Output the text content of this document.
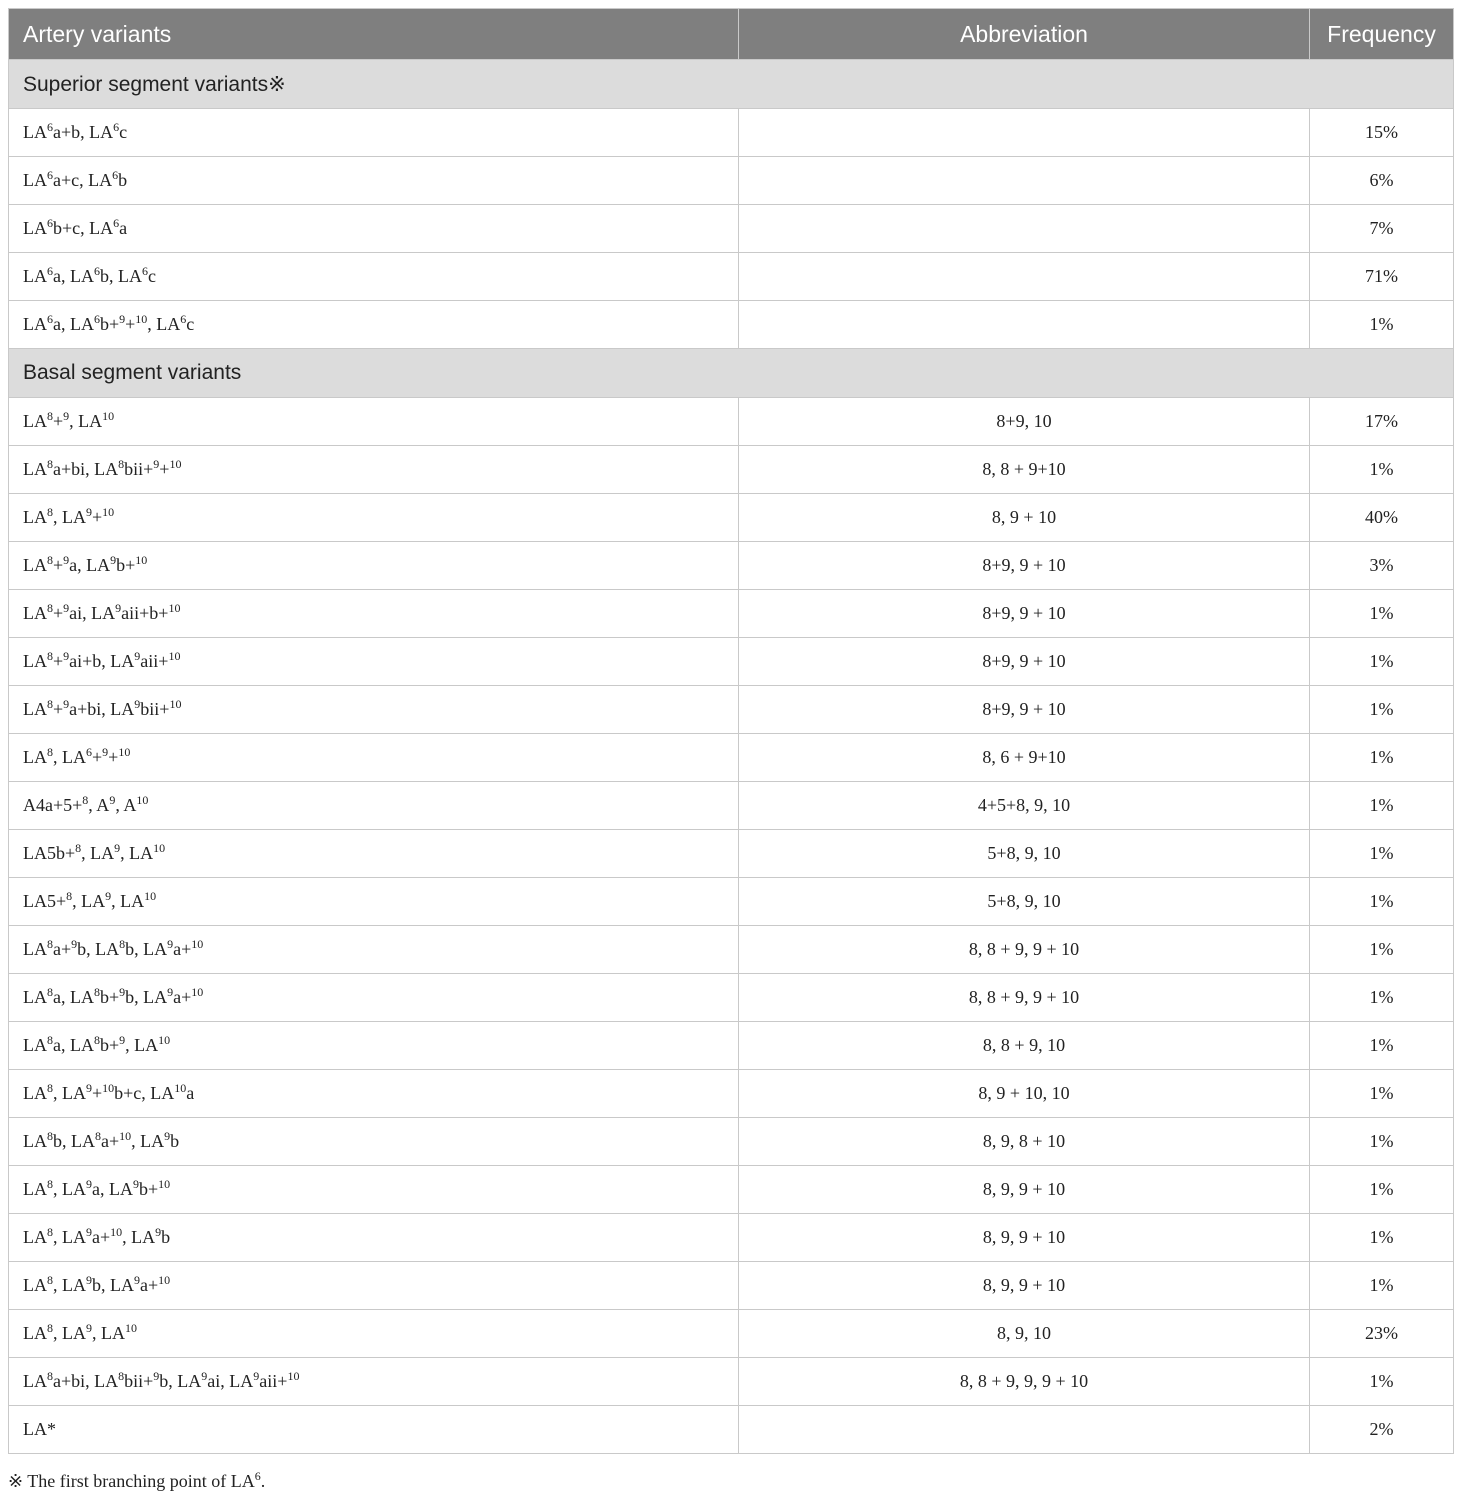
Artery variants	Abbreviation	Frequency
Superior segment variants※		
$LA^6a+b$, $LA^6c$		15%
$LA^6a+c$, $LA^6b$		6%
$LA^6b+c$, $LA^6a$		7%
$LA^6a$, $LA^6b$, $LA^6c$		71%
$LA^6a$, $LA^6b+^9+^{10}$, $LA^6c$		1%
Basal segment variants		
$LA^8+^9$, LA$^{10}$	8+9, 10	17%
$LA^8a+bi$, $LA^8bii+^9+^{10}$	8, 8 + 9+10	1%
$LA^8$, $LA^9+^{10}$	8, 9 + 10	40%
$LA^8+^9a$, $LA^9b+^{10}$	8+9, 9 + 10	3%
$LA^8+^9ai$, $LA^9aii+b+^{10}$	8+9, 9 + 10	1%
$LA^8+^9ai+b$, $LA^9aii+^{10}$	8+9, 9 + 10	1%
$LA^8+^9a+bi$, $LA^9bii+^{10}$	8+9, 9 + 10	1%
$LA^8$, $LA^6+^9+^{10}$	8, 6 + 9+10	1%
A4a+5+$^8$, $A^9$, $A^{10}$	4+5+8, 9, 10	1%
LA5b+$^8$, $LA^9$, LA$^{10}$	5+8, 9, 10	1%
LA5+$^8$, $LA^9$, LA$^{10}$	5+8, 9, 10	1%
$LA^8a+^9b$, $LA^8b$, $LA^9a+^{10}$	8, 8 + 9, 9 + 10	1%
$LA^8a$, $LA^8b+^9b$, $LA^9a+^{10}$	8, 8 + 9, 9 + 10	1%
$LA^8a$, $LA^8b+^9$, LA$^{10}$	8, 8 + 9, 10	1%
$LA^8$, $LA^9+^{10}b+c$, LA$^{10}$a	8, 9 + 10, 10	1%
$LA^8b$, $LA^8a+^{10}$, $LA^9b$	8, 9, 8 + 10	1%
$LA^8$, $LA^9a$, $LA^9b+^{10}$	8, 9, 9 + 10	1%
$LA^8$, $LA^9a+^{10}$, $LA^9b$	8, 9, 9 + 10	1%
$LA^8$, $LA^9b$, $LA^9a+^{10}$	8, 9, 9 + 10	1%
$LA^8$, $LA^9$, LA$^{10}$	8, 9, 10	23%
$LA^8a+bi$, $LA^8bii+^9b$, $LA^9ai$, $LA^9aii+^{10}$	8, 8 + 9, 9, 9 + 10	1%
LA*		2%
※ The first branching point of $LA^6$.
